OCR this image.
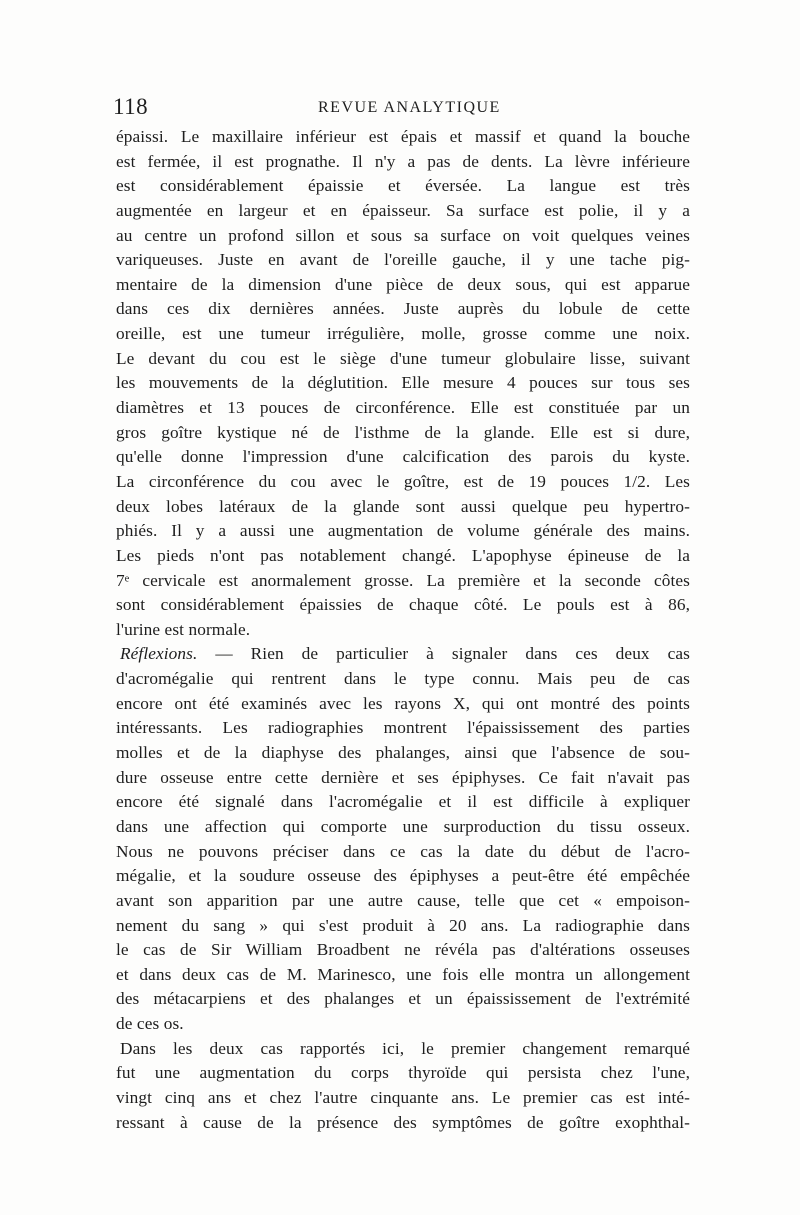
118	REVUE ANALYTIQUE
épaissi. Le maxillaire inférieur est épais et massif et quand la bouche
est fermée, il est prognathe. Il n'y a pas de dents. La lèvre inférieure
est considérablement épaissie et éversée. La langue est très
augmentée en largeur et en épaisseur. Sa surface est polie, il y a
au centre un profond sillon et sous sa surface on voit quelques veines
variqueuses. Juste en avant de l'oreille gauche, il y une tache pig-
mentaire de la dimension d'une pièce de deux sous, qui est apparue
dans ces dix dernières années. Juste auprès du lobule de cette
oreille, est une tumeur irrégulière, molle, grosse comme une noix.
Le devant du cou est le siège d'une tumeur globulaire lisse, suivant
les mouvements de la déglutition. Elle mesure 4 pouces sur tous ses
diamètres et 13 pouces de circonférence. Elle est constituée par un
gros goître kystique né de l'isthme de la glande. Elle est si dure,
qu'elle donne l'impression d'une calcification des parois du kyste.
La circonférence du cou avec le goître, est de 19 pouces 1/2. Les
deux lobes latéraux de la glande sont aussi quelque peu hypertro-
phiés. Il y a aussi une augmentation de volume générale des mains.
Les pieds n'ont pas notablement changé. L'apophyse épineuse de la
7ᵉ cervicale est anormalement grosse. La première et la seconde côtes
sont considérablement épaissies de chaque côté. Le pouls est à 86,
l'urine est normale.
Réflexions. — Rien de particulier à signaler dans ces deux cas
d'acromégalie qui rentrent dans le type connu. Mais peu de cas
encore ont été examinés avec les rayons X, qui ont montré des points
intéressants. Les radiographies montrent l'épaississement des parties
molles et de la diaphyse des phalanges, ainsi que l'absence de sou-
dure osseuse entre cette dernière et ses épiphyses. Ce fait n'avait pas
encore été signalé dans l'acromégalie et il est difficile à expliquer
dans une affection qui comporte une surproduction du tissu osseux.
Nous ne pouvons préciser dans ce cas la date du début de l'acro-
mégalie, et la soudure osseuse des épiphyses a peut-être été empêchée
avant son apparition par une autre cause, telle que cet « empoison-
nement du sang » qui s'est produit à 20 ans. La radiographie dans
le cas de Sir William Broadbent ne révéla pas d'altérations osseuses
et dans deux cas de M. Marinesco, une fois elle montra un allongement
des métacarpiens et des phalanges et un épaississement de l'extrémité
de ces os.
Dans les deux cas rapportés ici, le premier changement remarqué
fut une augmentation du corps thyroïde qui persista chez l'une,
vingt cinq ans et chez l'autre cinquante ans. Le premier cas est inté-
ressant à cause de la présence des symptômes de goître exophthal-
